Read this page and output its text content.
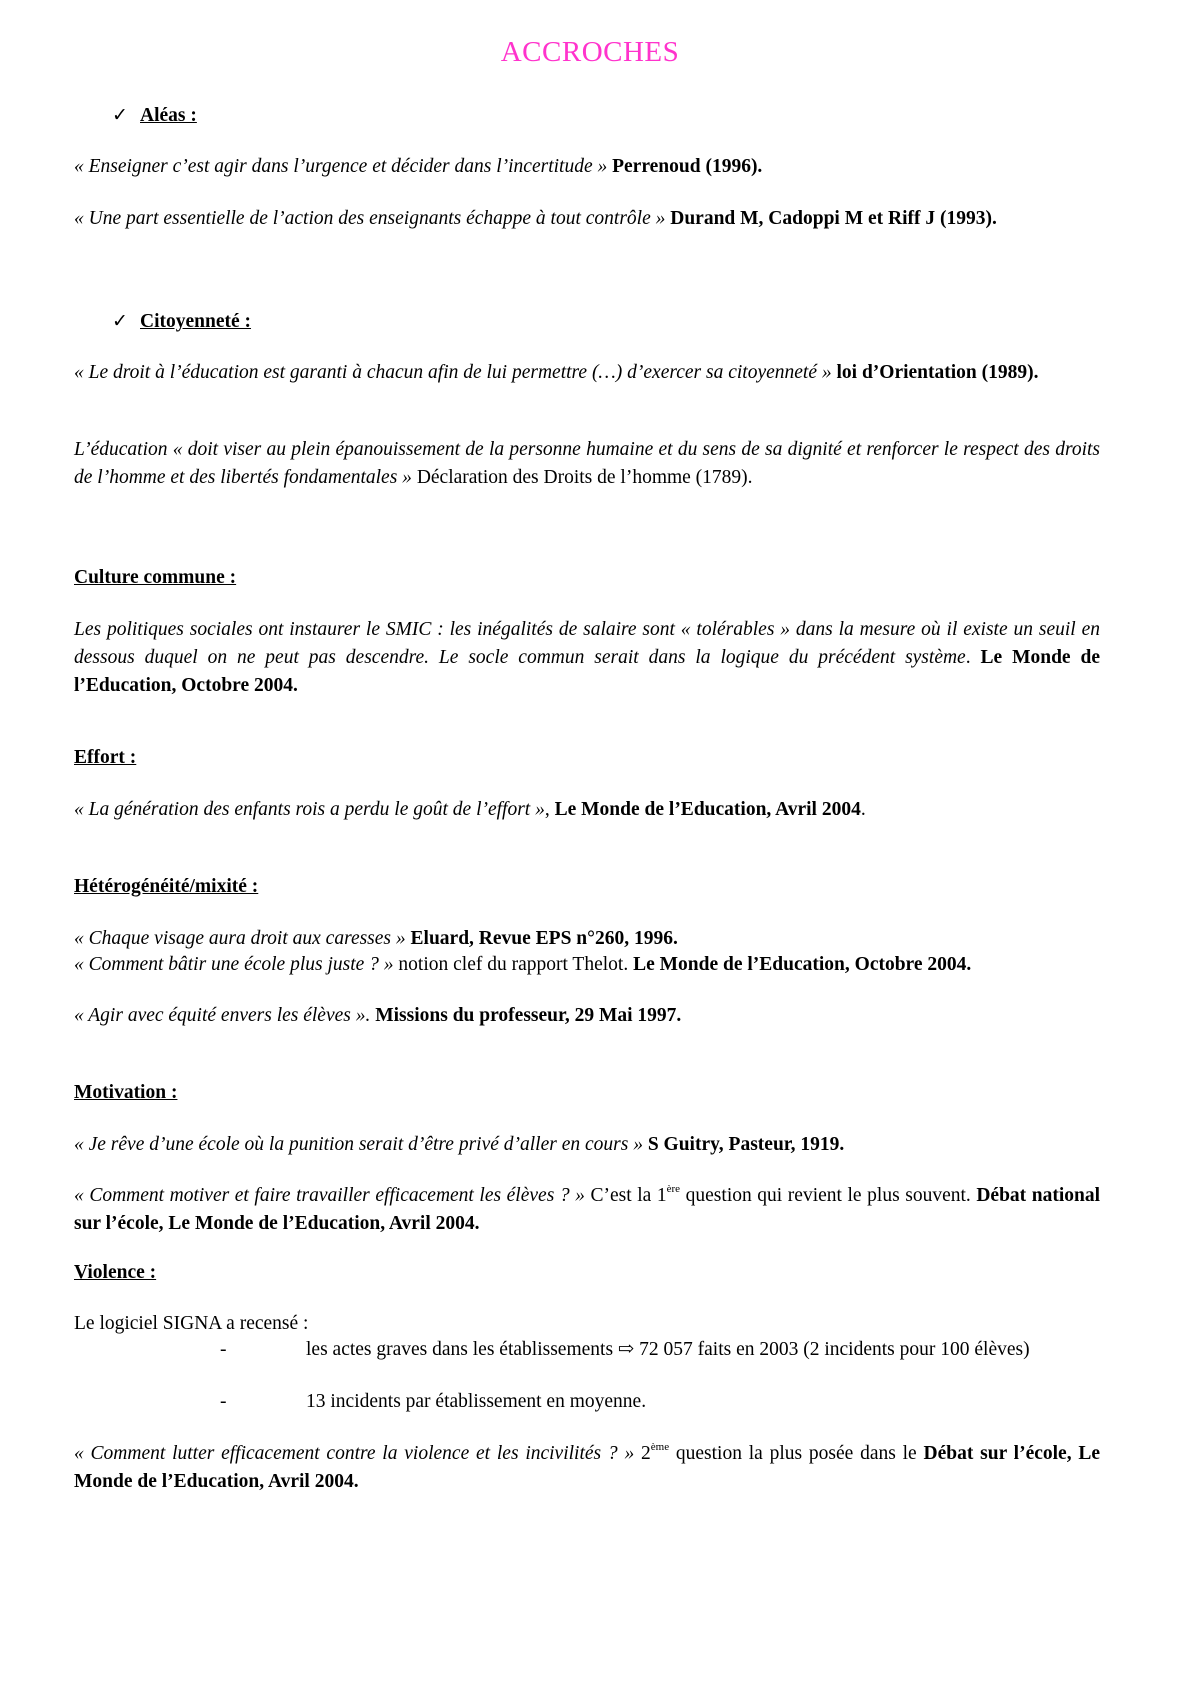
ACCROCHES
✓ Aléas :
« Enseigner c’est agir dans l’urgence et décider dans l’incertitude » Perrenoud (1996).
« Une part essentielle de l’action des enseignants échappe à tout contrôle » Durand M, Cadoppi M et Riff J (1993).
✓ Citoyenneté :
« Le droit à l’éducation est garanti à chacun afin de lui permettre (…) d’exercer sa citoyenneté » loi d’Orientation (1989).
L’éducation « doit viser au plein épanouissement de la personne humaine et du sens de sa dignité et renforcer le respect des droits de l’homme et des libertés fondamentales » Déclaration des Droits de l’homme (1789).
Culture commune :
Les politiques sociales ont instaurer le SMIC : les inégalités de salaire sont « tolérables » dans la mesure où il existe un seuil en dessous duquel on ne peut pas descendre. Le socle commun serait dans la logique du précédent système. Le Monde de l’Education, Octobre 2004.
Effort :
« La génération des enfants rois a perdu le goût de l’effort », Le Monde de l’Education, Avril 2004.
Hétérogénéité/mixité :
« Chaque visage aura droit aux caresses » Eluard, Revue EPS n°260, 1996.
« Comment bâtir une école plus juste ? » notion clef du rapport Thelot. Le Monde de l’Education, Octobre 2004.
« Agir avec équité envers les élèves ». Missions du professeur, 29 Mai 1997.
Motivation :
« Je rêve d’une école où la punition serait d’être privé d’aller en cours » S Guitry, Pasteur, 1919.
« Comment motiver et faire travailler efficacement les élèves ? » C’est la 1ère question qui revient le plus souvent. Débat national sur l’école, Le Monde de l’Education, Avril 2004.
Violence :
Le logiciel SIGNA a recensé :
-	les actes graves dans les établissements ⇨ 72 057 faits en 2003 (2 incidents pour 100 élèves)
-	13 incidents par établissement en moyenne.
« Comment lutter efficacement contre la violence et les incivilités ? » 2ème question la plus posée dans le Débat sur l’école, Le Monde de l’Education, Avril 2004.
